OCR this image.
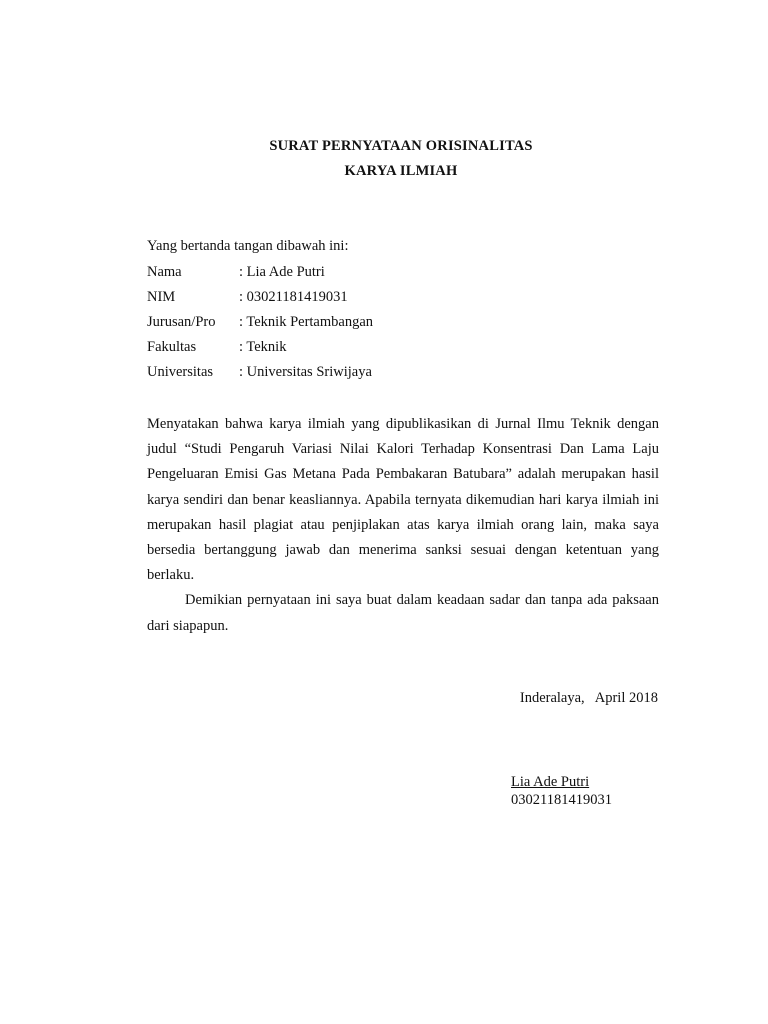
SURAT PERNYATAAN ORISINALITAS
KARYA ILMIAH
Yang bertanda tangan dibawah ini:
Nama	: Lia Ade Putri
NIM	: 03021181419031
Jurusan/Pro	: Teknik Pertambangan
Fakultas	: Teknik
Universitas	: Universitas Sriwijaya

Menyatakan bahwa karya ilmiah yang dipublikasikan di Jurnal Ilmu Teknik dengan judul “Studi Pengaruh Variasi Nilai Kalori Terhadap Konsentrasi Dan Lama Laju Pengeluaran Emisi Gas Metana Pada Pembakaran Batubara” adalah merupakan hasil karya sendiri dan benar keasliannya. Apabila ternyata dikemudian hari karya ilmiah ini merupakan hasil plagiat atau penjiplakan atas karya ilmiah orang lain, maka saya bersedia bertanggung jawab dan menerima sanksi sesuai dengan ketentuan yang berlaku.

Demikian pernyataan ini saya buat dalam keadaan sadar dan tanpa ada paksaan dari siapapun.

Inderalaya,   April 2018
Lia Ade Putri
03021181419031
